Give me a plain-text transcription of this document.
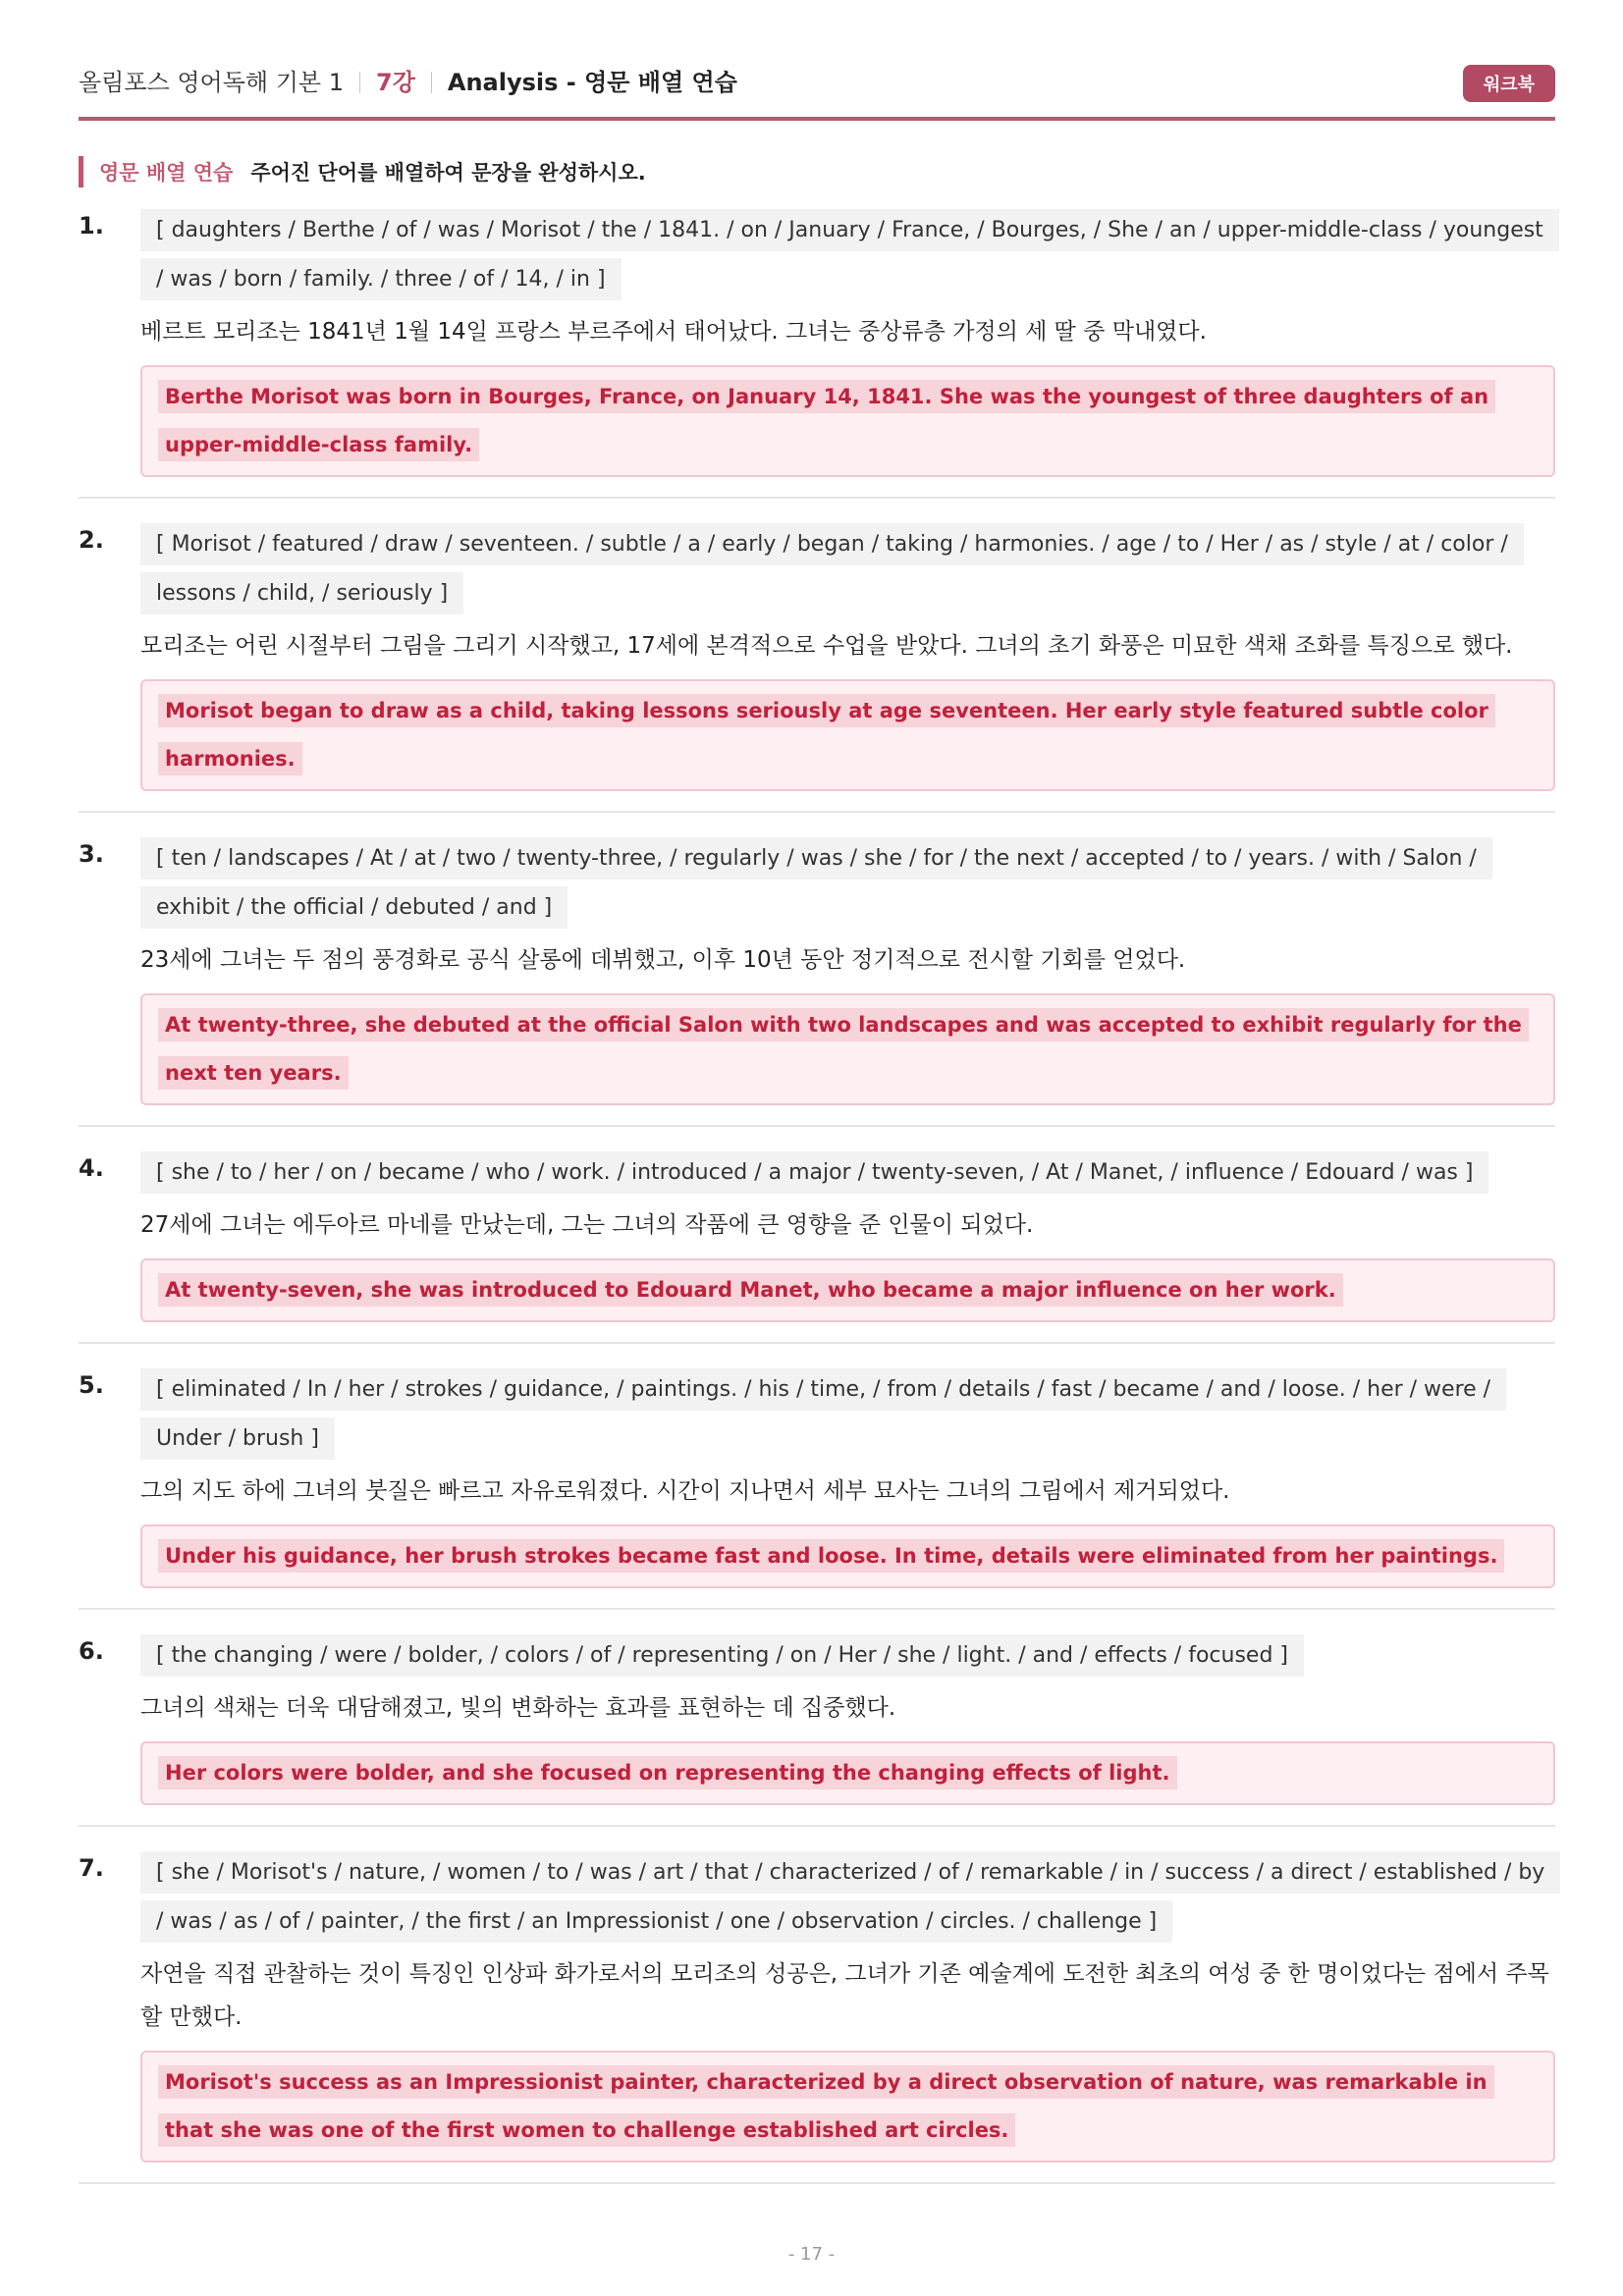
올림포스 영어독해 기본 1 7강 Analysis - 영문 배열 연습	워크북
영문 배열 연습 주어진 단어를 배열하여 문장을 완성하시오.
1.	[ daughters / Berthe / of / was / Morisot / the / 1841. / on / January / France, / Bourges, / She / an / upper-middle-class / youngest / was / born / family. / three / of / 14, / in ]

베르트 모리조는 1841년 1월 14일 프랑스 부르주에서 태어났다. 그녀는 중상류층 가정의 세 딸 중 막내였다.

Berthe Morisot was born in Bourges, France, on January 14, 1841. She was the youngest of three daughters of an upper-middle-class family.

2.	[ Morisot / featured / draw / seventeen. / subtle / a / early / began / taking / harmonies. / age / to / Her / as / style / at / color / lessons / child, / seriously ]

모리조는 어린 시절부터 그림을 그리기 시작했고, 17세에 본격적으로 수업을 받았다. 그녀의 초기 화풍은 미묘한 색채 조화를 특징으로 했다.

Morisot began to draw as a child, taking lessons seriously at age seventeen. Her early style featured subtle color harmonies.

3.	[ ten / landscapes / At / at / two / twenty-three, / regularly / was / she / for / the next / accepted / to / years. / with / Salon / exhibit / the official / debuted / and ]

23세에 그녀는 두 점의 풍경화로 공식 살롱에 데뷔했고, 이후 10년 동안 정기적으로 전시할 기회를 얻었다.

At twenty-three, she debuted at the official Salon with two landscapes and was accepted to exhibit regularly for the next ten years.

4.	[ she / to / her / on / became / who / work. / introduced / a major / twenty-seven, / At / Manet, / influence / Edouard / was ]

27세에 그녀는 에두아르 마네를 만났는데, 그는 그녀의 작품에 큰 영향을 준 인물이 되었다.

At twenty-seven, she was introduced to Edouard Manet, who became a major influence on her work.

5.	[ eliminated / In / her / strokes / guidance, / paintings. / his / time, / from / details / fast / became / and / loose. / her / were / Under / brush ]

그의 지도 하에 그녀의 붓질은 빠르고 자유로워졌다. 시간이 지나면서 세부 묘사는 그녀의 그림에서 제거되었다.

Under his guidance, her brush strokes became fast and loose. In time, details were eliminated from her paintings.

6.	[ the changing / were / bolder, / colors / of / representing / on / Her / she / light. / and / effects / focused ]

그녀의 색채는 더욱 대담해졌고, 빛의 변화하는 효과를 표현하는 데 집중했다.

Her colors were bolder, and she focused on representing the changing effects of light.

7.	[ she / Morisot's / nature, / women / to / was / art / that / characterized / of / remarkable / in / success / a direct / established / by / was / as / of / painter, / the first / an Impressionist / one / observation / circles. / challenge ]

자연을 직접 관찰하는 것이 특징인 인상파 화가로서의 모리조의 성공은, 그녀가 기존 예술계에 도전한 최초의 여성 중 한 명이었다는 점에서 주목할 만했다.

Morisot's success as an Impressionist painter, characterized by a direct observation of nature, was remarkable in that she was one of the first women to challenge established art circles.

- 17 -
